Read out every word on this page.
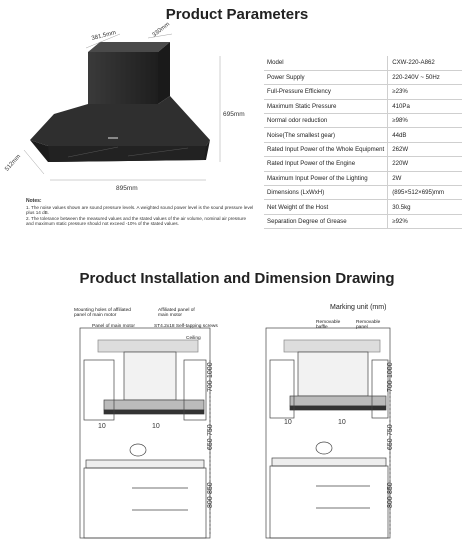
Product Parameters
381.5mm	330mm
695mm
512mm
895mm
Notes:
1. The noise values shown are sound pressure levels. A weighted sound power level is the sound pressure level plus 14 dB.
2. The tolerance between the measured values and the stated values of the air volume, nominal air pressure and maximum static pressure should not exceed -10% of the stated values.
Model	CXW-220-A862
Power Supply	220-240V ~ 50Hz
Full-Pressure Efficiency	≥23%
Maximum Static Pressure	410Pa
Normal odor reduction	≥98%
Noise(The smallest gear)	44dB
Rated Input Power of the Whole Equipment	262W
Rated Input Power of the Engine	220W
Maximum Input Power of the Lighting	2W
Dimensions (LxWxH)	(895×512×695)mm
Net Weight of the Host	30.5kg
Separation Degree of Grease	≥92%
Product Installation and Dimension Drawing
Marking unit (mm)
700-1000
650-750
800-850
10	10
Mounting holes of affiliated panel of main motor
Affiliated panel of main motor
Panel of main motor	ST4.2x18 Self-tapping screws
Ceiling
700-1000
650-750
800-850
10	10
Removable baffle
Removable panel
